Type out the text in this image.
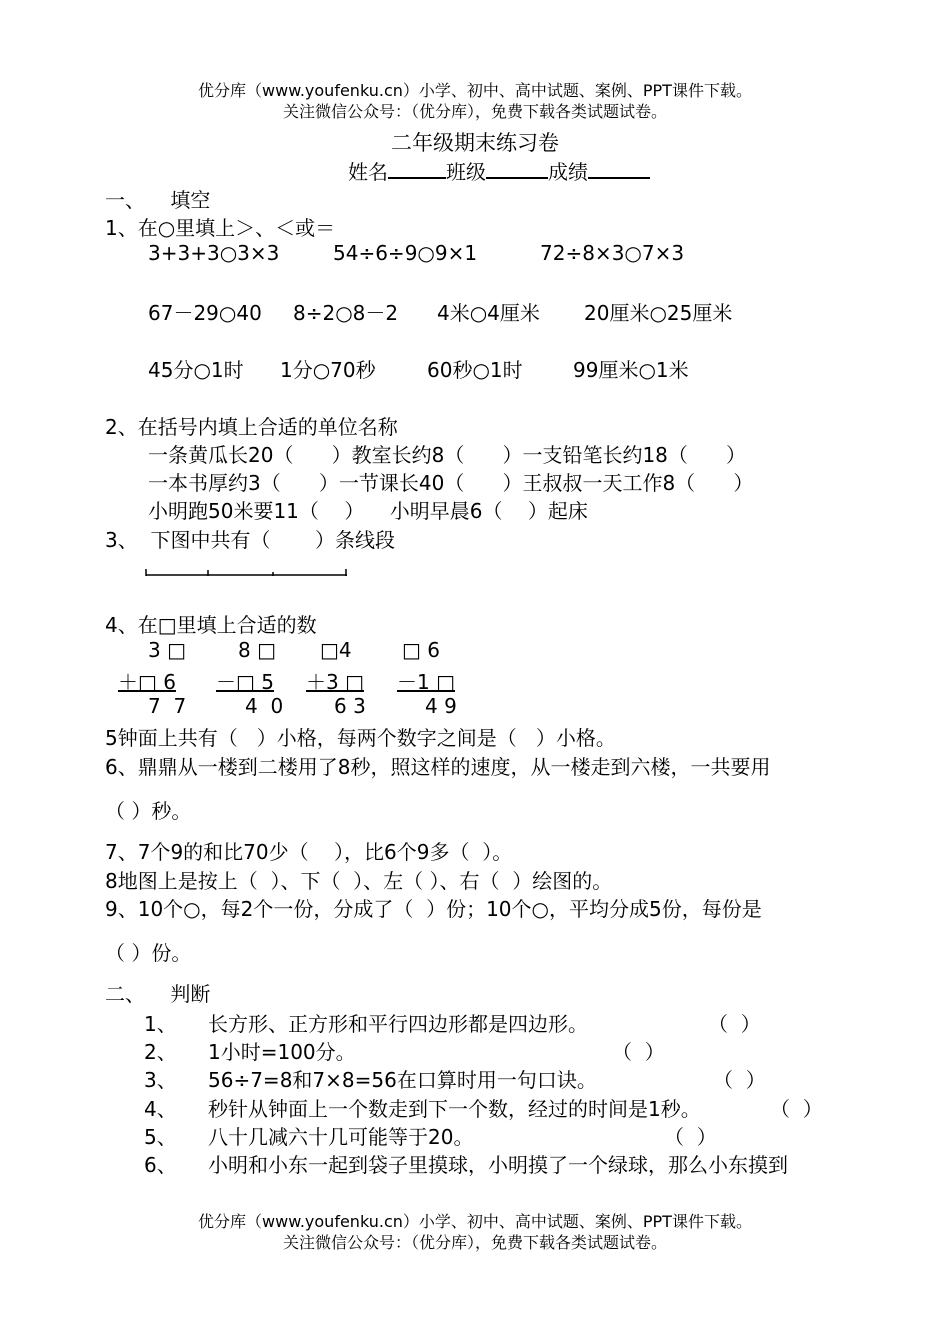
优分库（www.youfenku.cn）小学、初中、高中试题、案例、PPT课件下载。
关注微信公众号：（优分库），免费下载各类试题试卷。
二年级期末练习卷
姓名	班级	成绩
一、    填空
1、在○里填上＞、＜或＝
3+3+3○3×3	54÷6÷9○9×1	72÷8×3○7×3
67－29○40 8÷2○8－2 4米○4厘米 20厘米○25厘米
45分○1时 1分○70秒	60秒○1时	99厘米○1米
2、在括号内填上合适的单位名称
一条黄瓜长20（      ）教室长约8（      ）一支铅笔长约18（      ）
一本书厚约3（      ）一节课长40（      ）王叔叔一天工作8（      ）
小明跑50米要11（    ）    小明早晨6（    ）起床
3、  下图中共有（       ）条线段
4、在□里填上合适的数
3 □
＋□ 6
7  7
8 □
－□ 5
4  0
□4
＋3 □
6 3
□ 6
－1 □
4 9
5钟面上共有（   ）小格，每两个数字之间是（   ）小格。
6、鼎鼎从一楼到二楼用了8秒，照这样的速度，从一楼走到六楼，一共要用
（ ）秒。
7、7个9的和比70少（    ），比6个9多（  ）。
8地图上是按上（  ）、下（  ）、左（ ）、右（  ）绘图的。
9、10个○，每2个一份，分成了（  ）份；10个○，平均分成5份，每份是
（ ）份。
二、    判断
1、 长方形、正方形和平行四边形都是四边形。	（  ）
2、 1小时=100分。	（  ）
3、 56÷7=8和7×8=56在口算时用一句口诀。	（  ）
4、 秒针从钟面上一个数走到下一个数，经过的时间是1秒。	（  ）
5、 八十几减六十几可能等于20。	（  ）
6、 小明和小东一起到袋子里摸球，小明摸了一个绿球，那么小东摸到
优分库（www.youfenku.cn）小学、初中、高中试题、案例、PPT课件下载。
关注微信公众号：（优分库），免费下载各类试题试卷。
